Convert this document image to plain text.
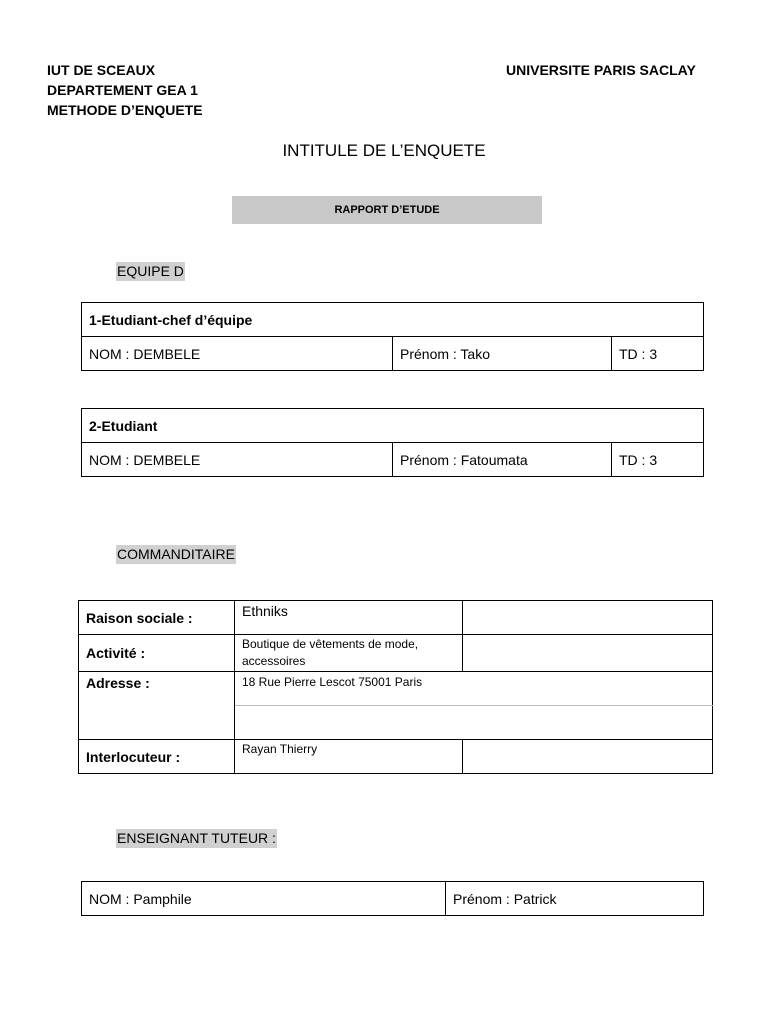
IUT DE SCEAUX
DEPARTEMENT GEA 1
METHODE D’ENQUETE
UNIVERSITE PARIS SACLAY
INTITULE DE L’ENQUETE
RAPPORT D’ETUDE
EQUIPE D
1-Etudiant-chef d’équipe
NOM : DEMBELE	Prénom : Tako	TD : 3
2-Etudiant
NOM : DEMBELE	Prénom : Fatoumata	TD : 3
COMMANDITAIRE
Raison sociale :	Ethniks	
Activité :	Boutique de vêtements de mode, accessoires	
Adresse :	18 Rue Pierre Lescot 75001 Paris	

Interlocuteur :	Rayan Thierry	
ENSEIGNANT TUTEUR :
NOM : Pamphile	Prénom : Patrick
